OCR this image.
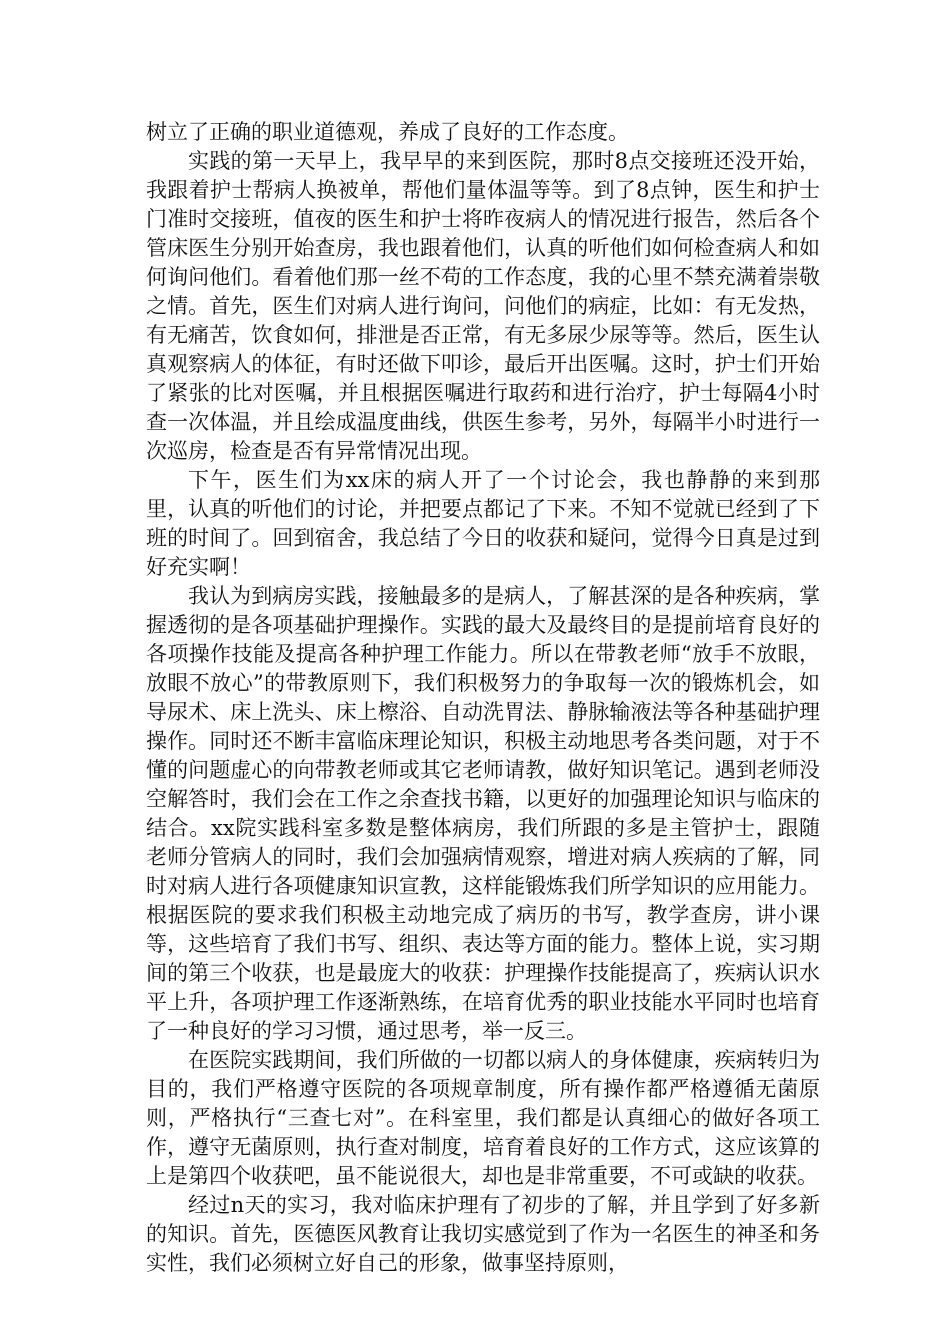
树立了正确的职业道德观，养成了良好的工作态度。

实践的第一天早上，我早早的来到医院，那时8点交接班还没开始，我跟着护士帮病人换被单，帮他们量体温等等。到了8点钟，医生和护士门准时交接班，值夜的医生和护士将昨夜病人的情况进行报告，然后各个管床医生分别开始查房，我也跟着他们，认真的听他们如何检查病人和如何询问他们。看着他们那一丝不苟的工作态度，我的心里不禁充满着崇敬之情。首先，医生们对病人进行询问，问他们的病症，比如：有无发热，有无痛苦，饮食如何，排泄是否正常，有无多尿少尿等等。然后，医生认真观察病人的体征，有时还做下叩诊，最后开出医嘱。这时，护士们开始了紧张的比对医嘱，并且根据医嘱进行取药和进行治疗，护士每隔4小时查一次体温，并且绘成温度曲线，供医生参考，另外，每隔半小时进行一次巡房，检查是否有异常情况出现。

下午，医生们为xx床的病人开了一个讨论会，我也静静的来到那里，认真的听他们的讨论，并把要点都记了下来。不知不觉就已经到了下班的时间了。回到宿舍，我总结了今日的收获和疑问，觉得今日真是过到好充实啊！

我认为到病房实践，接触最多的是病人，了解甚深的是各种疾病，掌握透彻的是各项基础护理操作。实践的最大及最终目的是提前培育良好的各项操作技能及提高各种护理工作能力。所以在带教老师“放手不放眼，放眼不放心”的带教原则下，我们积极努力的争取每一次的锻炼机会，如导尿术、床上洗头、床上檫浴、自动洗胃法、静脉输液法等各种基础护理操作。同时还不断丰富临床理论知识，积极主动地思考各类问题，对于不懂的问题虚心的向带教老师或其它老师请教，做好知识笔记。遇到老师没空解答时，我们会在工作之余查找书籍，以更好的加强理论知识与临床的结合。xx院实践科室多数是整体病房，我们所跟的多是主管护士，跟随老师分管病人的同时，我们会加强病情观察，增进对病人疾病的了解，同时对病人进行各项健康知识宣教，这样能锻炼我们所学知识的应用能力。根据医院的要求我们积极主动地完成了病历的书写，教学查房，讲小课等，这些培育了我们书写、组织、表达等方面的能力。整体上说，实习期间的第三个收获，也是最庞大的收获：护理操作技能提高了，疾病认识水平上升，各项护理工作逐渐熟练，在培育优秀的职业技能水平同时也培育了一种良好的学习习惯，通过思考，举一反三。

在医院实践期间，我们所做的一切都以病人的身体健康，疾病转归为目的，我们严格遵守医院的各项规章制度，所有操作都严格遵循无菌原则，严格执行“三查七对”。在科室里，我们都是认真细心的做好各项工作，遵守无菌原则，执行查对制度，培育着良好的工作方式，这应该算的上是第四个收获吧，虽不能说很大，却也是非常重要，不可或缺的收获。

经过n天的实习，我对临床护理有了初步的了解，并且学到了好多新的知识。首先，医德医风教育让我切实感觉到了作为一名医生的神圣和务实性，我们必须树立好自己的形象，做事坚持原则，
